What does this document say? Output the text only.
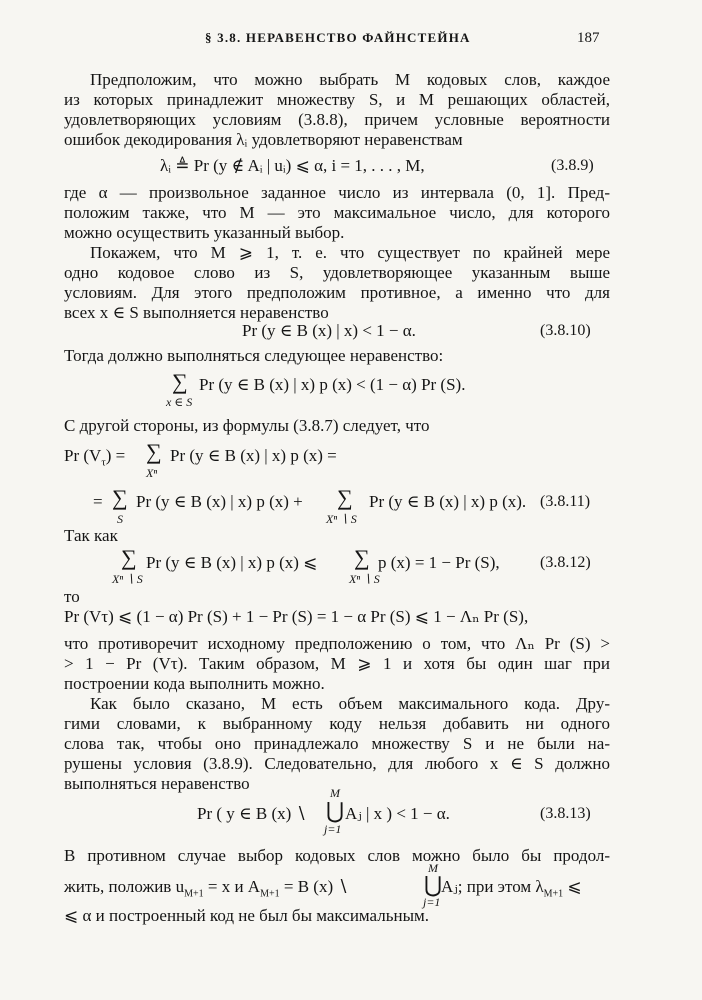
§ 3.8. НЕРАВЕНСТВО ФАЙНСТЕЙНА	187
Предположим, что можно выбрать M кодовых слов, каждое
из которых принадлежит множеству S, и M решающих областей,
удовлетворяющих условиям (3.8.8), причем условные вероятности
ошибок декодирования λᵢ удовлетворяют неравенствам
λᵢ ≜ Pr (y ∉ Aᵢ | uᵢ) ⩽ α, i = 1, . . . , M,	(3.8.9)
где α — произвольное заданное число из интервала (0, 1]. Пред-
положим также, что M — это максимальное число, для которого
можно осуществить указанный выбор.
Покажем, что M ⩾ 1, т. е. что существует по крайней мере
одно кодовое слово из S, удовлетворяющее указанным выше
условиям. Для этого предположим противное, а именно что для
всех x ∈ S выполняется неравенство
Pr (y ∈ B (x) | x) < 1 − α.	(3.8.10)
Тогда должно выполняться следующее неравенство:
∑
x ∈ S
Pr (y ∈ B (x) | x) p (x) < (1 − α) Pr (S).
С другой стороны, из формулы (3.8.7) следует, что
Pr $(V_\tau)$ = ∑
Xⁿ
Pr (y ∈ B (x) | x) p (x) =
= ∑
S
Pr (y ∈ B (x) | x) p (x) + ∑
Xⁿ ∖ S
Pr (y ∈ B (x) | x) p (x). (3.8.11)
Так как
∑
Xⁿ ∖ S
Pr (y ∈ B (x) | x) p (x) ⩽ ∑
Xⁿ ∖ S
p (x) = 1 − Pr (S),	(3.8.12)
то
Pr (Vτ) ⩽ (1 − α) Pr (S) + 1 − Pr (S) = 1 − α Pr (S) ⩽ 1 − Λₙ Pr (S),
что противоречит исходному предположению о том, что Λₙ Pr (S) >
> 1 − Pr (Vτ). Таким образом, M ⩾ 1 и хотя бы один шаг при
построении кода выполнить можно.
Как было сказано, M есть объем максимального кода. Дру-
гими словами, к выбранному коду нельзя добавить ни одного
слова так, чтобы оно принадлежало множеству S и не были на-
рушены условия (3.8.9). Следовательно, для любого x ∈ S должно
выполняться неравенство
Pr ( y ∈ B (x) ∖
M
⋃
j=1
Aⱼ | x ) < 1 − α.	(3.8.13)
В противном случае выбор кодовых слов можно было бы продол-
жить, положив $u_{M+1} = x$ и $A_{M+1} = B$ (x) ∖
M
⋃
j=1
Aⱼ; при этом $\lambda_{M+1}$ ⩽
⩽ α и построенный код не был бы максимальным.
